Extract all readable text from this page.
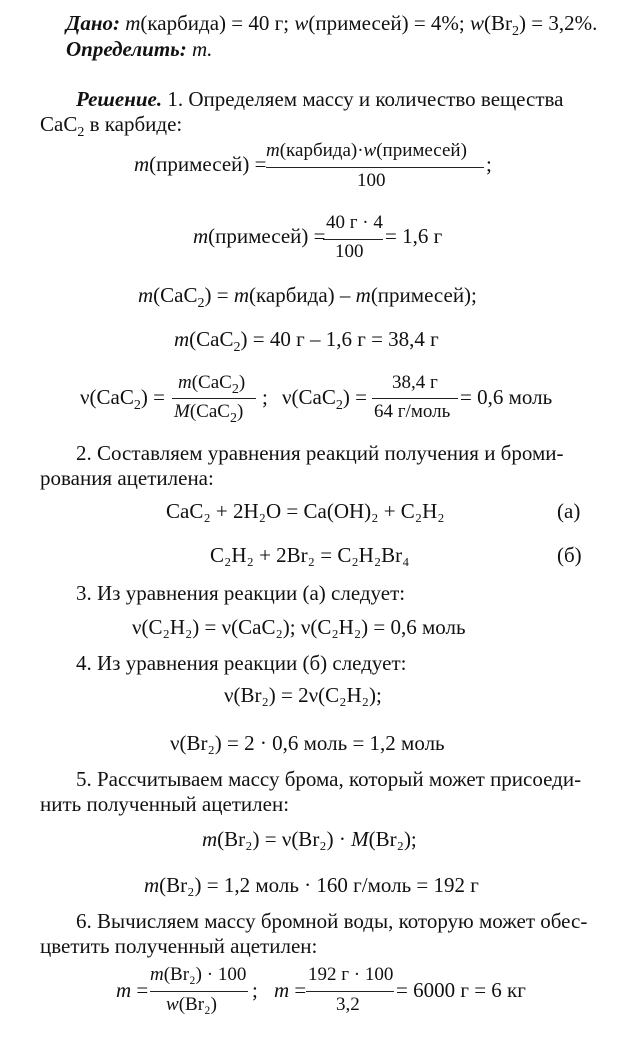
Дано: m(карбида) = 40 г; w(примесей) = 4%; $w(Br_2) = 3,2\%$.
Определить: m.
Решение. 1. Определяем массу и количество вещества
CaC$_2$ в карбиде:
m(примесей) =
m(карбида)·w(примесей)
100
;
m(примесей) =
40 г · 4
100
= 1,6 г
m(CaC$_2$) = m(карбида) – m(примесей);
m(CaC$_2$) = 40 г – 1,6 г = 38,4 г
ν(CaC$_2$) =
m(CaC$_2$)
M(CaC$_2$)
; ν(CaC$_2$) =
38,4 г
64 г/моль
= 0,6 моль
2. Составляем уравнения реакций получения и броми-
рования ацетилена:
CaC₂ + 2H₂O = Ca(OH)₂ + C₂H₂	(а)
C₂H₂ + 2Br₂ = C₂H₂Br₄	(б)
3. Из уравнения реакции (а) следует:
ν(C₂H₂) = ν(CaC₂); ν(C₂H₂) = 0,6 моль
4. Из уравнения реакции (б) следует:
ν(Br₂) = 2ν(C₂H₂);
ν(Br₂) = 2 · 0,6 моль = 1,2 моль
5. Рассчитываем массу брома, который может присоеди-
нить полученный ацетилен:
m(Br₂) = ν(Br₂) · M(Br₂);
m(Br₂) = 1,2 моль · 160 г/моль = 192 г
6. Вычисляем массу бромной воды, которую может обес-
цветить полученный ацетилен:
m =
m(Br₂) · 100
w(Br₂)
; m =
192 г · 100
3,2
= 6000 г = 6 кг
